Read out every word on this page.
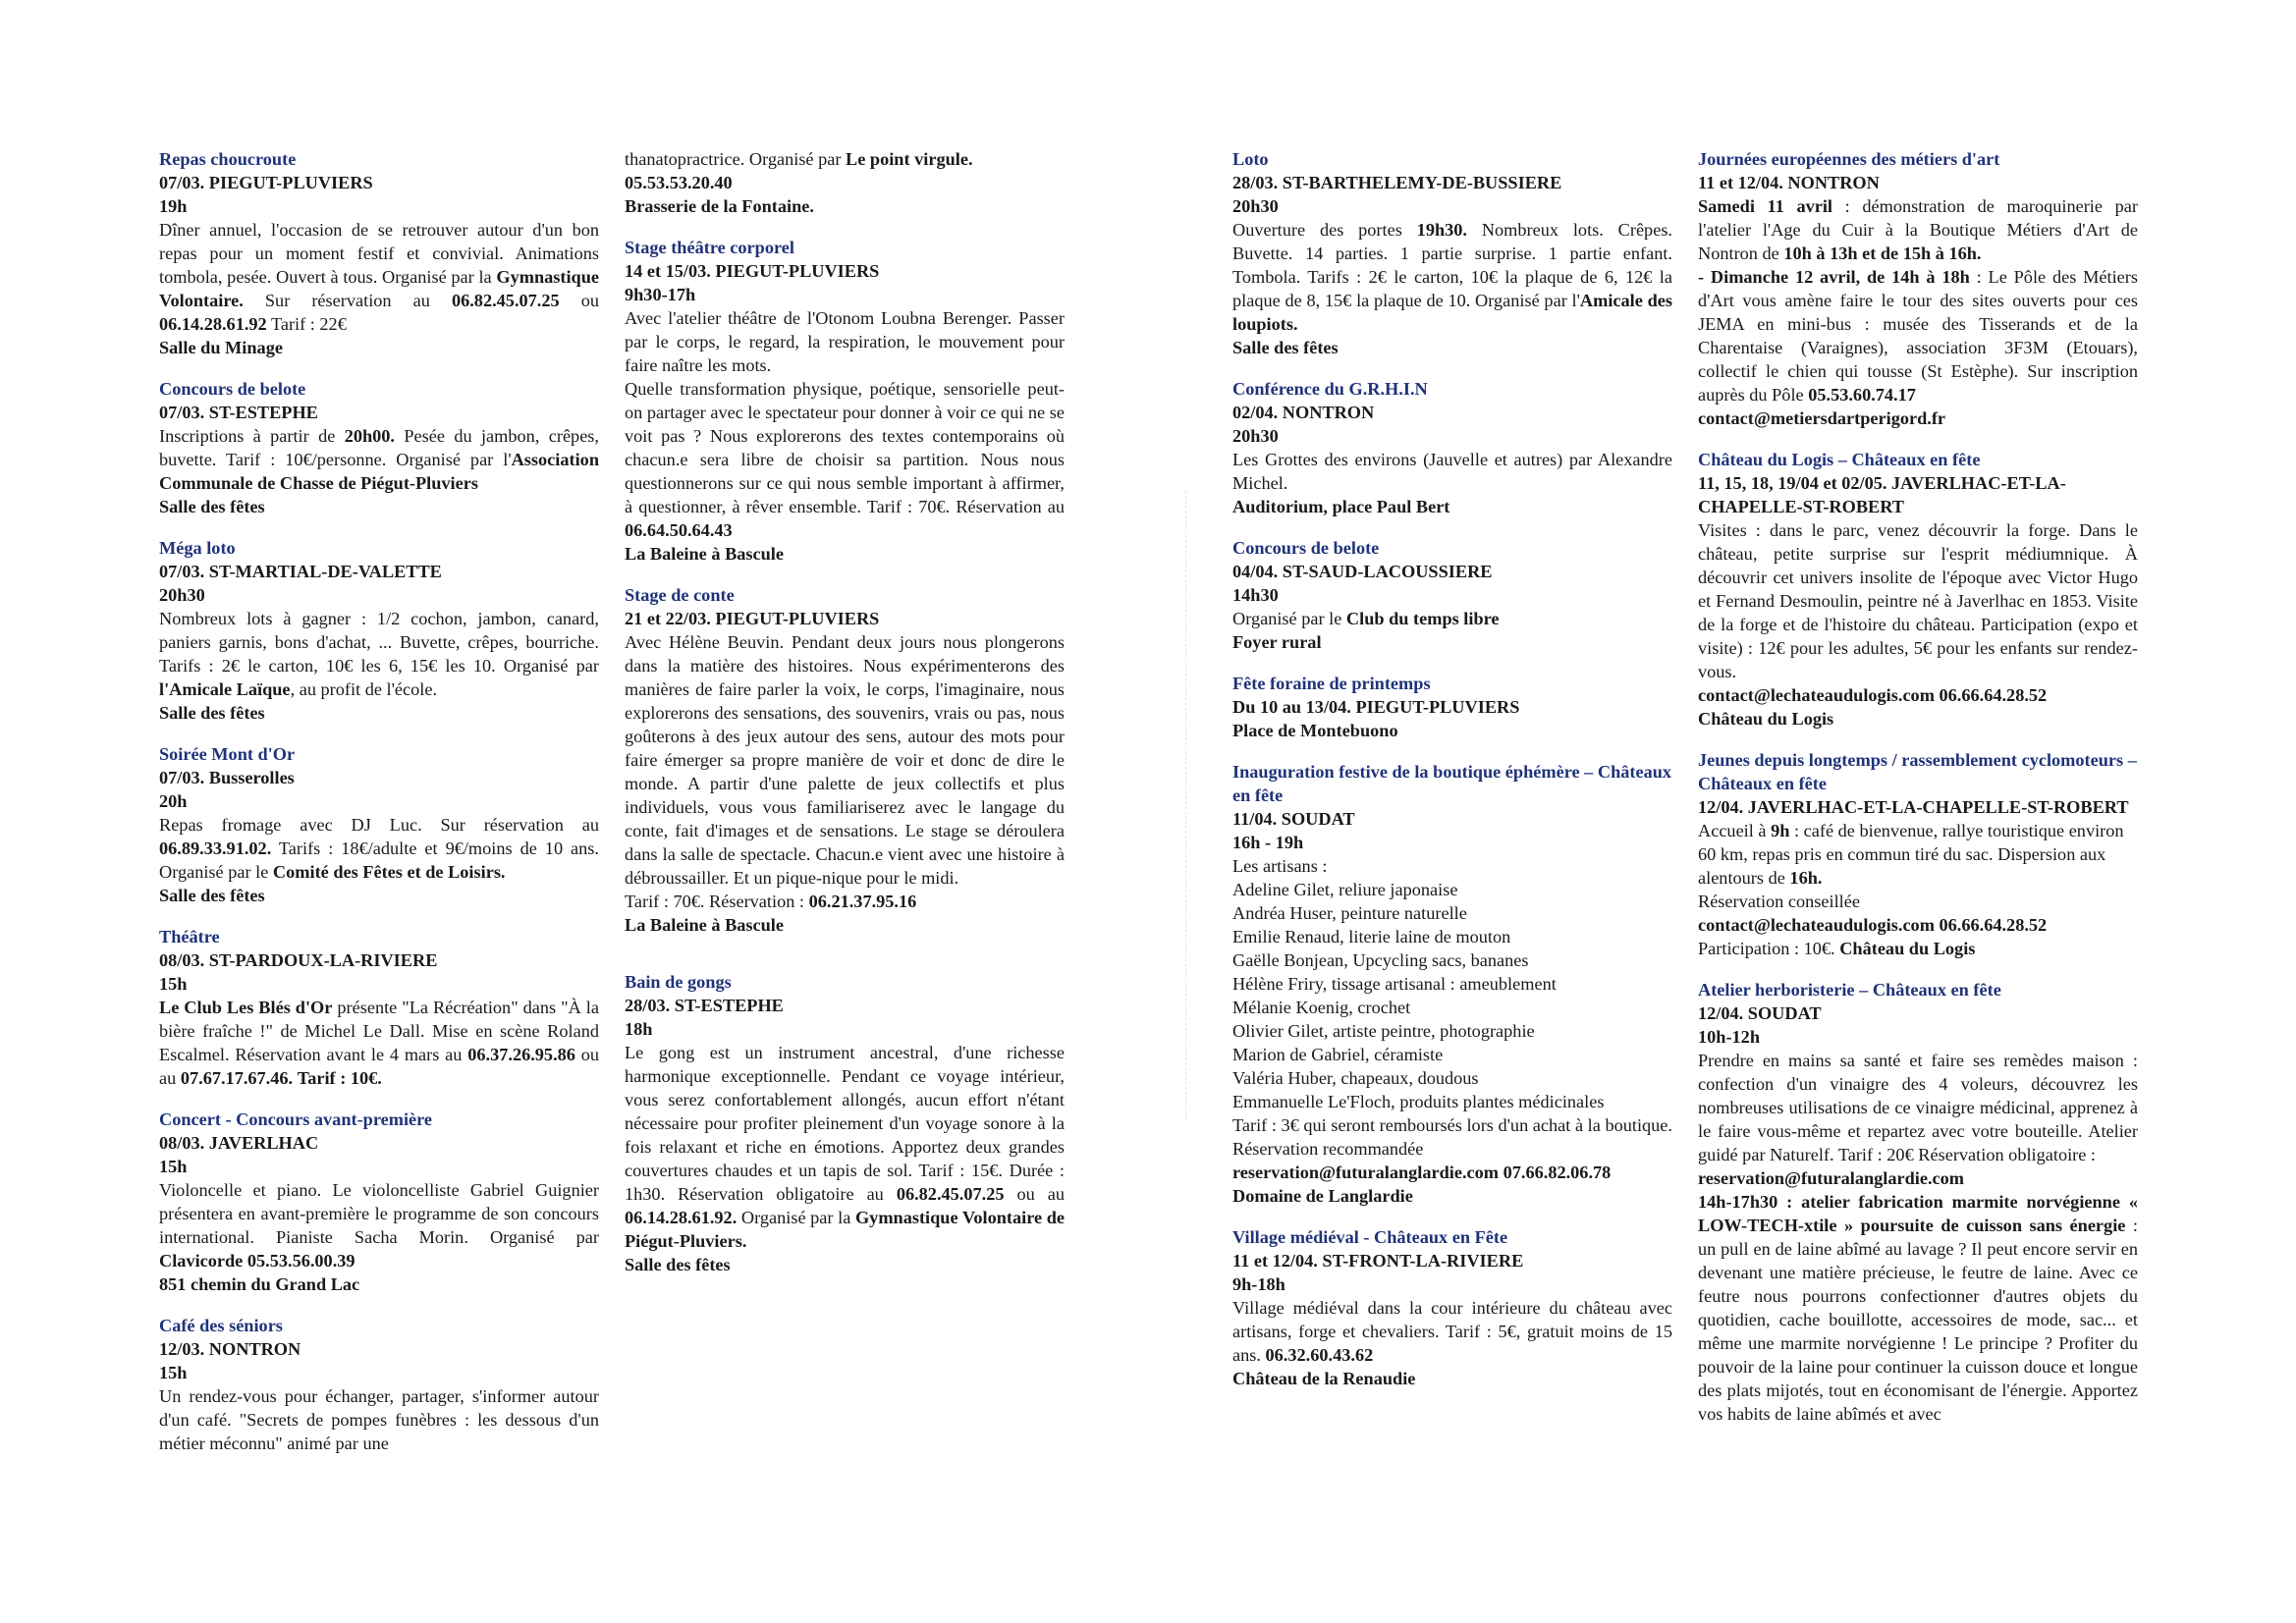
Repas choucroute
07/03. PIEGUT-PLUVIERS
19h
Dîner annuel, l'occasion de se retrouver autour d'un bon repas pour un moment festif et convivial. Animations tombola, pesée. Ouvert à tous. Organisé par la Gymnastique Volontaire. Sur réservation au 06.82.45.07.25 ou 06.14.28.61.92 Tarif : 22€
Salle du Minage
Concours de belote
07/03. ST-ESTEPHE
Inscriptions à partir de 20h00. Pesée du jambon, crêpes, buvette. Tarif : 10€/personne. Organisé par l'Association Communale de Chasse de Piégut-Pluviers
Salle des fêtes
Méga loto
07/03. ST-MARTIAL-DE-VALETTE
20h30
Nombreux lots à gagner : 1/2 cochon, jambon, canard, paniers garnis, bons d'achat, ... Buvette, crêpes, bourriche. Tarifs : 2€ le carton, 10€ les 6, 15€ les 10. Organisé par l'Amicale Laïque, au profit de l'école.
Salle des fêtes
Soirée Mont d'Or
07/03. Busserolles
20h
Repas fromage avec DJ Luc. Sur réservation au 06.89.33.91.02. Tarifs : 18€/adulte et 9€/moins de 10 ans. Organisé par le Comité des Fêtes et de Loisirs.
Salle des fêtes
Théâtre
08/03. ST-PARDOUX-LA-RIVIERE
15h
Le Club Les Blés d'Or présente "La Récréation" dans "À la bière fraîche !" de Michel Le Dall. Mise en scène Roland Escalmel. Réservation avant le 4 mars au 06.37.26.95.86 ou au 07.67.17.67.46. Tarif : 10€.
Concert - Concours avant-première
08/03. JAVERLHAC
15h
Violoncelle et piano. Le violoncelliste Gabriel Guignier présentera en avant-première le programme de son concours international. Pianiste Sacha Morin. Organisé par Clavicorde 05.53.56.00.39
851 chemin du Grand Lac
Café des séniors
12/03. NONTRON
15h
Un rendez-vous pour échanger, partager, s'informer autour d'un café. "Secrets de pompes funèbres : les dessous d'un métier méconnu" animé par une
thanatopractrice. Organisé par Le point virgule.
05.53.53.20.40
Brasserie de la Fontaine.
Stage théâtre corporel
14 et 15/03. PIEGUT-PLUVIERS
9h30-17h
Avec l'atelier théâtre de l'Otonom Loubna Berenger. Passer par le corps, le regard, la respiration, le mouvement pour faire naître les mots.
Quelle transformation physique, poétique, sensorielle peut-on partager avec le spectateur pour donner à voir ce qui ne se voit pas ? Nous explorerons des textes contemporains où chacun.e sera libre de choisir sa partition. Nous nous questionnerons sur ce qui nous semble important à affirmer, à questionner, à rêver ensemble. Tarif : 70€. Réservation au 06.64.50.64.43
La Baleine à Bascule
Stage de conte
21 et 22/03. PIEGUT-PLUVIERS
Avec Hélène Beuvin. Pendant deux jours nous plongerons dans la matière des histoires. Nous expérimenterons des manières de faire parler la voix, le corps, l'imaginaire, nous explorerons des sensations, des souvenirs, vrais ou pas, nous goûterons à des jeux autour des sens, autour des mots pour faire émerger sa propre manière de voir et donc de dire le monde. A partir d'une palette de jeux collectifs et plus individuels, vous vous familiariserez avec le langage du conte, fait d'images et de sensations. Le stage se déroulera dans la salle de spectacle. Chacun.e vient avec une histoire à débroussailler. Et un pique-nique pour le midi.
Tarif : 70€. Réservation : 06.21.37.95.16
La Baleine à Bascule
Bain de gongs
28/03. ST-ESTEPHE
18h
Le gong est un instrument ancestral, d'une richesse harmonique exceptionnelle. Pendant ce voyage intérieur, vous serez confortablement allongés, aucun effort n'étant nécessaire pour profiter pleinement d'un voyage sonore à la fois relaxant et riche en émotions. Apportez deux grandes couvertures chaudes et un tapis de sol. Tarif : 15€. Durée : 1h30. Réservation obligatoire au 06.82.45.07.25 ou au 06.14.28.61.92. Organisé par la Gymnastique Volontaire de Piégut-Pluviers.
Salle des fêtes
Loto
28/03. ST-BARTHELEMY-DE-BUSSIERE
20h30
Ouverture des portes 19h30. Nombreux lots. Crêpes. Buvette. 14 parties. 1 partie surprise. 1 partie enfant. Tombola. Tarifs : 2€ le carton, 10€ la plaque de 6, 12€ la plaque de 8, 15€ la plaque de 10. Organisé par l'Amicale des loupiots.
Salle des fêtes
Conférence du G.R.H.I.N
02/04. NONTRON
20h30
Les Grottes des environs (Jauvelle et autres) par Alexandre Michel.
Auditorium, place Paul Bert
Concours de belote
04/04. ST-SAUD-LACOUSSIERE
14h30
Organisé par le Club du temps libre
Foyer rural
Fête foraine de printemps
Du 10 au 13/04. PIEGUT-PLUVIERS
Place de Montebuono
Inauguration festive de la boutique éphémère – Châteaux en fête
11/04. SOUDAT
16h - 19h
Les artisans :
Adeline Gilet, reliure japonaise
Andréa Huser, peinture naturelle
Emilie Renaud, literie laine de mouton
Gaëlle Bonjean, Upcycling sacs, bananes
Hélène Friry, tissage artisanal : ameublement
Mélanie Koenig, crochet
Olivier Gilet, artiste peintre, photographie
Marion de Gabriel, céramiste
Valéria Huber, chapeaux, doudous
Emmanuelle Le'Floch, produits plantes médicinales
Tarif : 3€ qui seront remboursés lors d'un achat à la boutique. Réservation recommandée
reservation@futuralanglardie.com 07.66.82.06.78
Domaine de Langlardie
Village médiéval - Châteaux en Fête
11 et 12/04. ST-FRONT-LA-RIVIERE
9h-18h
Village médiéval dans la cour intérieure du château avec artisans, forge et chevaliers. Tarif : 5€, gratuit moins de 15 ans. 06.32.60.43.62
Château de la Renaudie
Journées européennes des métiers d'art
11 et 12/04. NONTRON
Samedi 11 avril : démonstration de maroquinerie par l'atelier l'Age du Cuir à la Boutique Métiers d'Art de Nontron de 10h à 13h et de 15h à 16h.
- Dimanche 12 avril, de 14h à 18h : Le Pôle des Métiers d'Art vous amène faire le tour des sites ouverts pour ces JEMA en mini-bus : musée des Tisserands et de la Charentaise (Varaignes), association 3F3M (Etouars), collectif le chien qui tousse (St Estèphe). Sur inscription auprès du Pôle 05.53.60.74.17
contact@metiersdartperigord.fr
Château du Logis – Châteaux en fête
11, 15, 18, 19/04 et 02/05. JAVERLHAC-ET-LA-CHAPELLE-ST-ROBERT
Visites : dans le parc, venez découvrir la forge. Dans le château, petite surprise sur l'esprit médiumnique. À découvrir cet univers insolite de l'époque avec Victor Hugo et Fernand Desmoulin, peintre né à Javerlhac en 1853. Visite de la forge et de l'histoire du château. Participation (expo et visite) : 12€ pour les adultes, 5€ pour les enfants sur rendez-vous.
contact@lechateaudulogis.com 06.66.64.28.52
Château du Logis
Jeunes depuis longtemps / rassemblement cyclomoteurs – Châteaux en fête
12/04. JAVERLHAC-ET-LA-CHAPELLE-ST-ROBERT
Accueil à 9h : café de bienvenue, rallye touristique environ 60 km, repas pris en commun tiré du sac. Dispersion aux alentours de 16h.
Réservation conseillée
contact@lechateaudulogis.com 06.66.64.28.52
Participation : 10€. Château du Logis
Atelier herboristerie – Châteaux en fête
12/04. SOUDAT
10h-12h
Prendre en mains sa santé et faire ses remèdes maison : confection d'un vinaigre des 4 voleurs, découvrez les nombreuses utilisations de ce vinaigre médicinal, apprenez à le faire vous-même et repartez avec votre bouteille. Atelier guidé par Naturelf. Tarif : 20€ Réservation obligatoire :
reservation@futuralanglardie.com
14h-17h30 : atelier fabrication marmite norvégienne « LOW-TECH-xtile » poursuite de cuisson sans énergie : un pull en de laine abîmé au lavage ? Il peut encore servir en devenant une matière précieuse, le feutre de laine. Avec ce feutre nous pourrons confectionner d'autres objets du quotidien, cache bouillotte, accessoires de mode, sac... et même une marmite norvégienne ! Le principe ? Profiter du pouvoir de la laine pour continuer la cuisson douce et longue des plats mijotés, tout en économisant de l'énergie. Apportez vos habits de laine abîmés et avec
